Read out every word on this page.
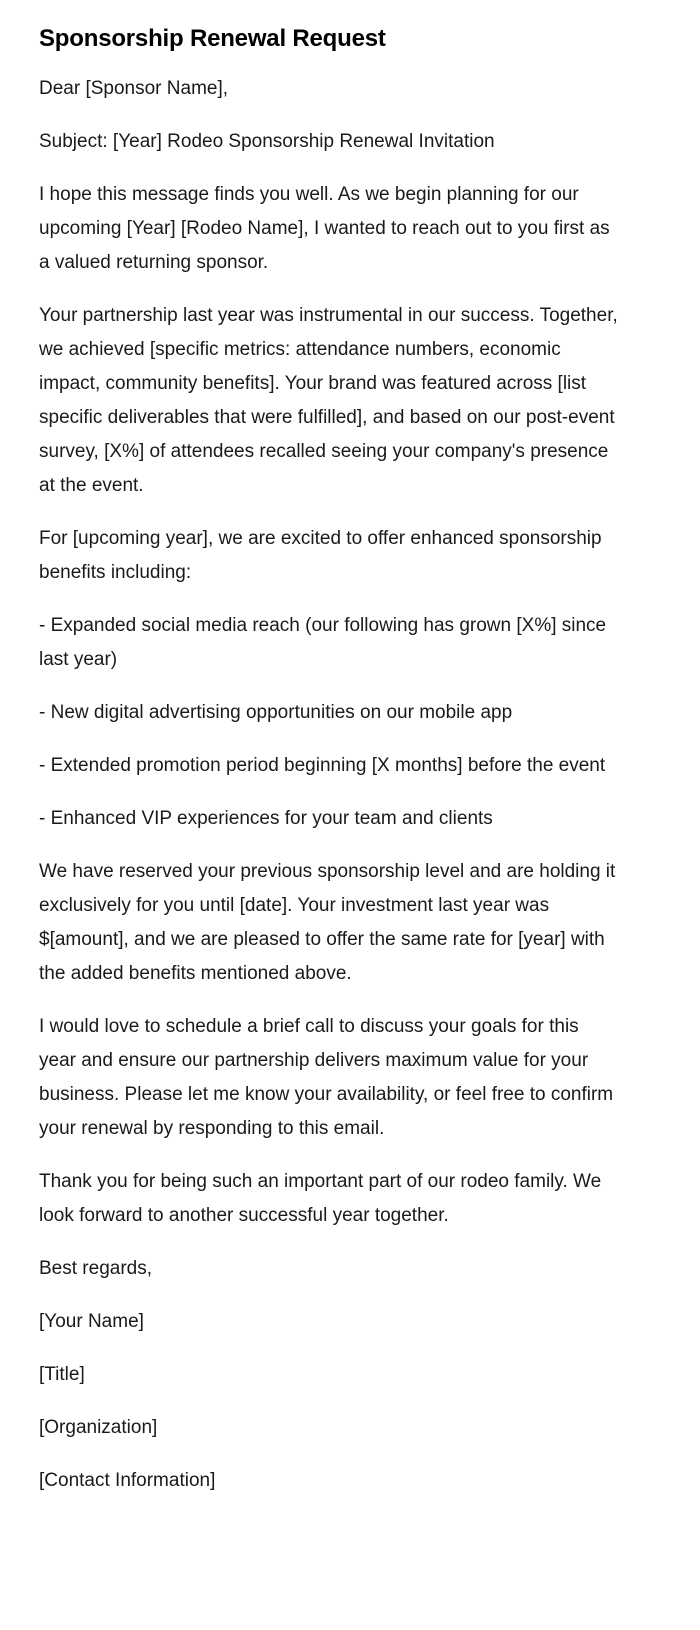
Sponsorship Renewal Request

Dear [Sponsor Name],

Subject: [Year] Rodeo Sponsorship Renewal Invitation

I hope this message finds you well. As we begin planning for our upcoming [Year] [Rodeo Name], I wanted to reach out to you first as a valued returning sponsor.

Your partnership last year was instrumental in our success. Together, we achieved [specific metrics: attendance numbers, economic impact, community benefits]. Your brand was featured across [list specific deliverables that were fulfilled], and based on our post-event survey, [X%] of attendees recalled seeing your company's presence at the event.

For [upcoming year], we are excited to offer enhanced sponsorship benefits including:

- Expanded social media reach (our following has grown [X%] since last year)

- New digital advertising opportunities on our mobile app

- Extended promotion period beginning [X months] before the event

- Enhanced VIP experiences for your team and clients

We have reserved your previous sponsorship level and are holding it exclusively for you until [date]. Your investment last year was $[amount], and we are pleased to offer the same rate for [year] with the added benefits mentioned above.

I would love to schedule a brief call to discuss your goals for this year and ensure our partnership delivers maximum value for your business. Please let me know your availability, or feel free to confirm your renewal by responding to this email.

Thank you for being such an important part of our rodeo family. We look forward to another successful year together.

Best regards,

[Your Name]

[Title]

[Organization]

[Contact Information]
